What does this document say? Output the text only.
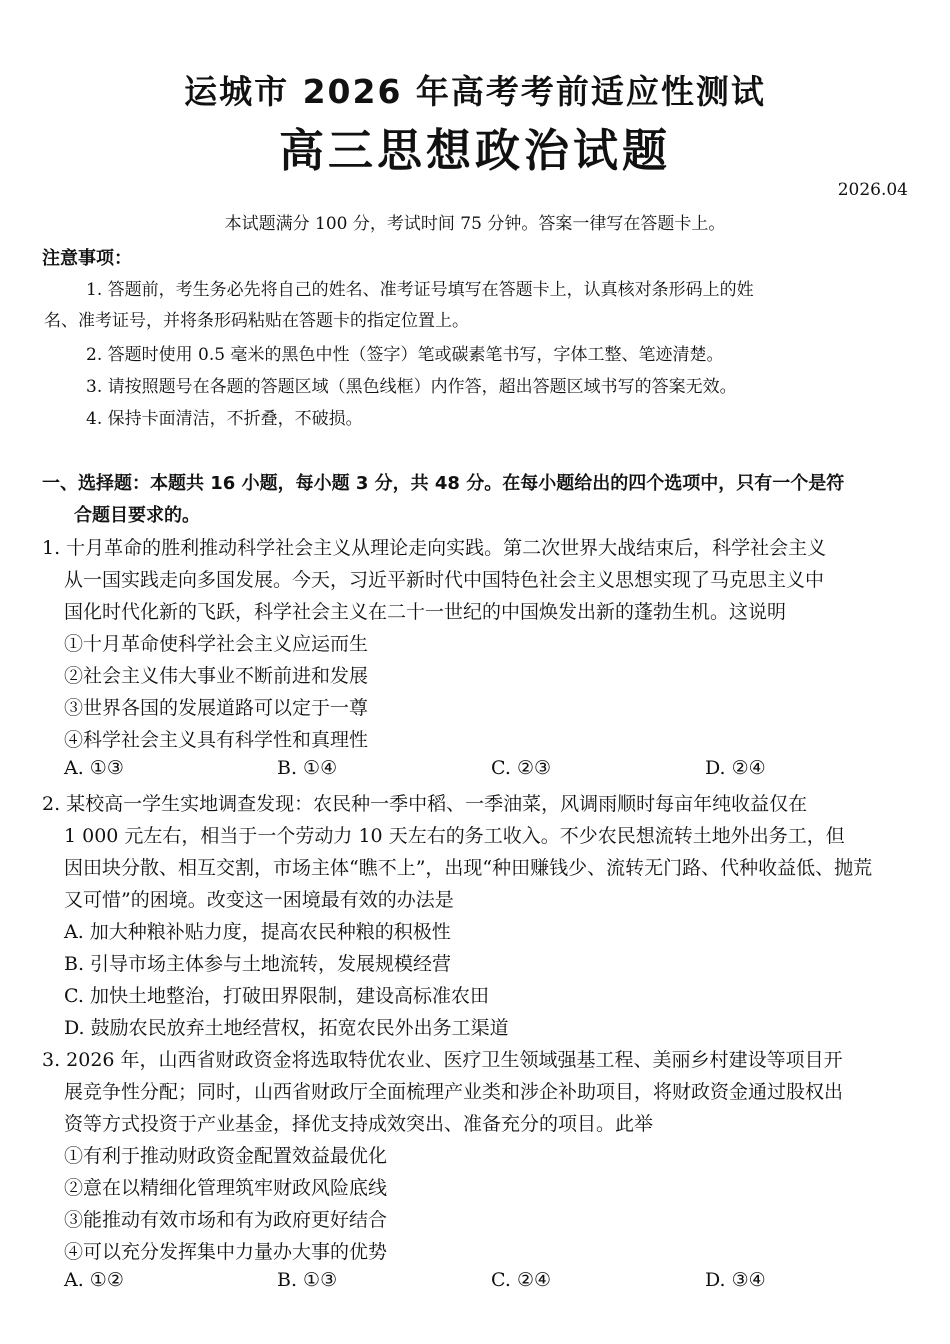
运城市 2026 年高考考前适应性测试
高三思想政治试题
2026.04
本试题满分 100 分，考试时间 75 分钟。答案一律写在答题卡上。
注意事项：
1. 答题前，考生务必先将自己的姓名、准考证号填写在答题卡上，认真核对条形码上的姓
名、准考证号，并将条形码粘贴在答题卡的指定位置上。
2. 答题时使用 0.5 毫米的黑色中性（签字）笔或碳素笔书写，字体工整、笔迹清楚。
3. 请按照题号在各题的答题区域（黑色线框）内作答，超出答题区域书写的答案无效。
4. 保持卡面清洁，不折叠，不破损。
一、选择题：本题共 16 小题，每小题 3 分，共 48 分。在每小题给出的四个选项中，只有一个是符
合题目要求的。
1. 十月革命的胜利推动科学社会主义从理论走向实践。第二次世界大战结束后，科学社会主义
从一国实践走向多国发展。今天，习近平新时代中国特色社会主义思想实现了马克思主义中
国化时代化新的飞跃，科学社会主义在二十一世纪的中国焕发出新的蓬勃生机。这说明
①十月革命使科学社会主义应运而生
②社会主义伟大事业不断前进和发展
③世界各国的发展道路可以定于一尊
④科学社会主义具有科学性和真理性
A. ①③	B. ①④	C. ②③	D. ②④
2. 某校高一学生实地调查发现：农民种一季中稻、一季油菜，风调雨顺时每亩年纯收益仅在
1 000 元左右，相当于一个劳动力 10 天左右的务工收入。不少农民想流转土地外出务工，但
因田块分散、相互交割，市场主体“瞧不上”，出现“种田赚钱少、流转无门路、代种收益低、抛荒
又可惜”的困境。改变这一困境最有效的办法是
A. 加大种粮补贴力度，提高农民种粮的积极性
B. 引导市场主体参与土地流转，发展规模经营
C. 加快土地整治，打破田界限制，建设高标准农田
D. 鼓励农民放弃土地经营权，拓宽农民外出务工渠道
3. 2026 年，山西省财政资金将选取特优农业、医疗卫生领域强基工程、美丽乡村建设等项目开
展竞争性分配；同时，山西省财政厅全面梳理产业类和涉企补助项目，将财政资金通过股权出
资等方式投资于产业基金，择优支持成效突出、准备充分的项目。此举
①有利于推动财政资金配置效益最优化
②意在以精细化管理筑牢财政风险底线
③能推动有效市场和有为政府更好结合
④可以充分发挥集中力量办大事的优势
A. ①②	B. ①③	C. ②④	D. ③④
